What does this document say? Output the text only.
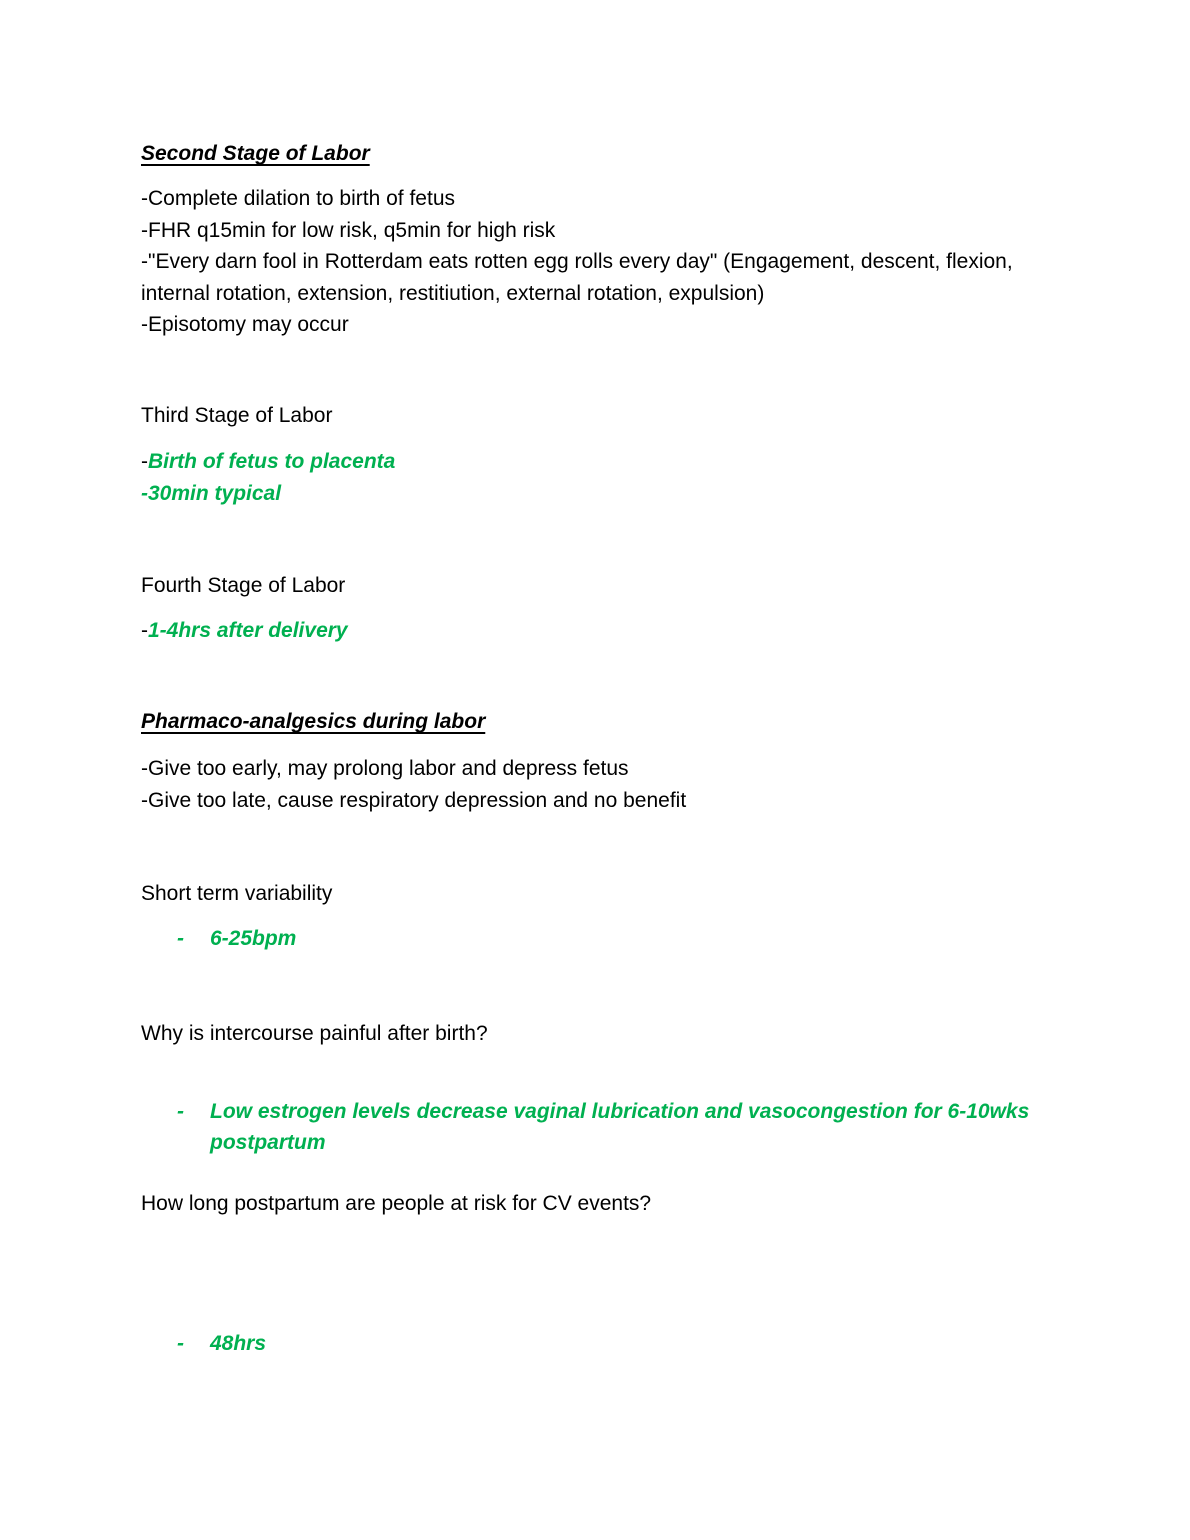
Second Stage of Labor
-Complete dilation to birth of fetus
-FHR q15min for low risk, q5min for high risk
-"Every darn fool in Rotterdam eats rotten egg rolls every day" (Engagement, descent, flexion, internal rotation, extension, restitiution, external rotation, expulsion)
-Episotomy may occur
Third Stage of Labor
-Birth of fetus to placenta
-30min typical
Fourth Stage of Labor
-1-4hrs after delivery
Pharmaco-analgesics during labor
-Give too early, may prolong labor and depress fetus
-Give too late, cause respiratory depression and no benefit
Short term variability
- 6-25bpm
Why is intercourse painful after birth?
- Low estrogen levels decrease vaginal lubrication and vasocongestion for 6-10wks postpartum
How long postpartum are people at risk for CV events?
- 48hrs
